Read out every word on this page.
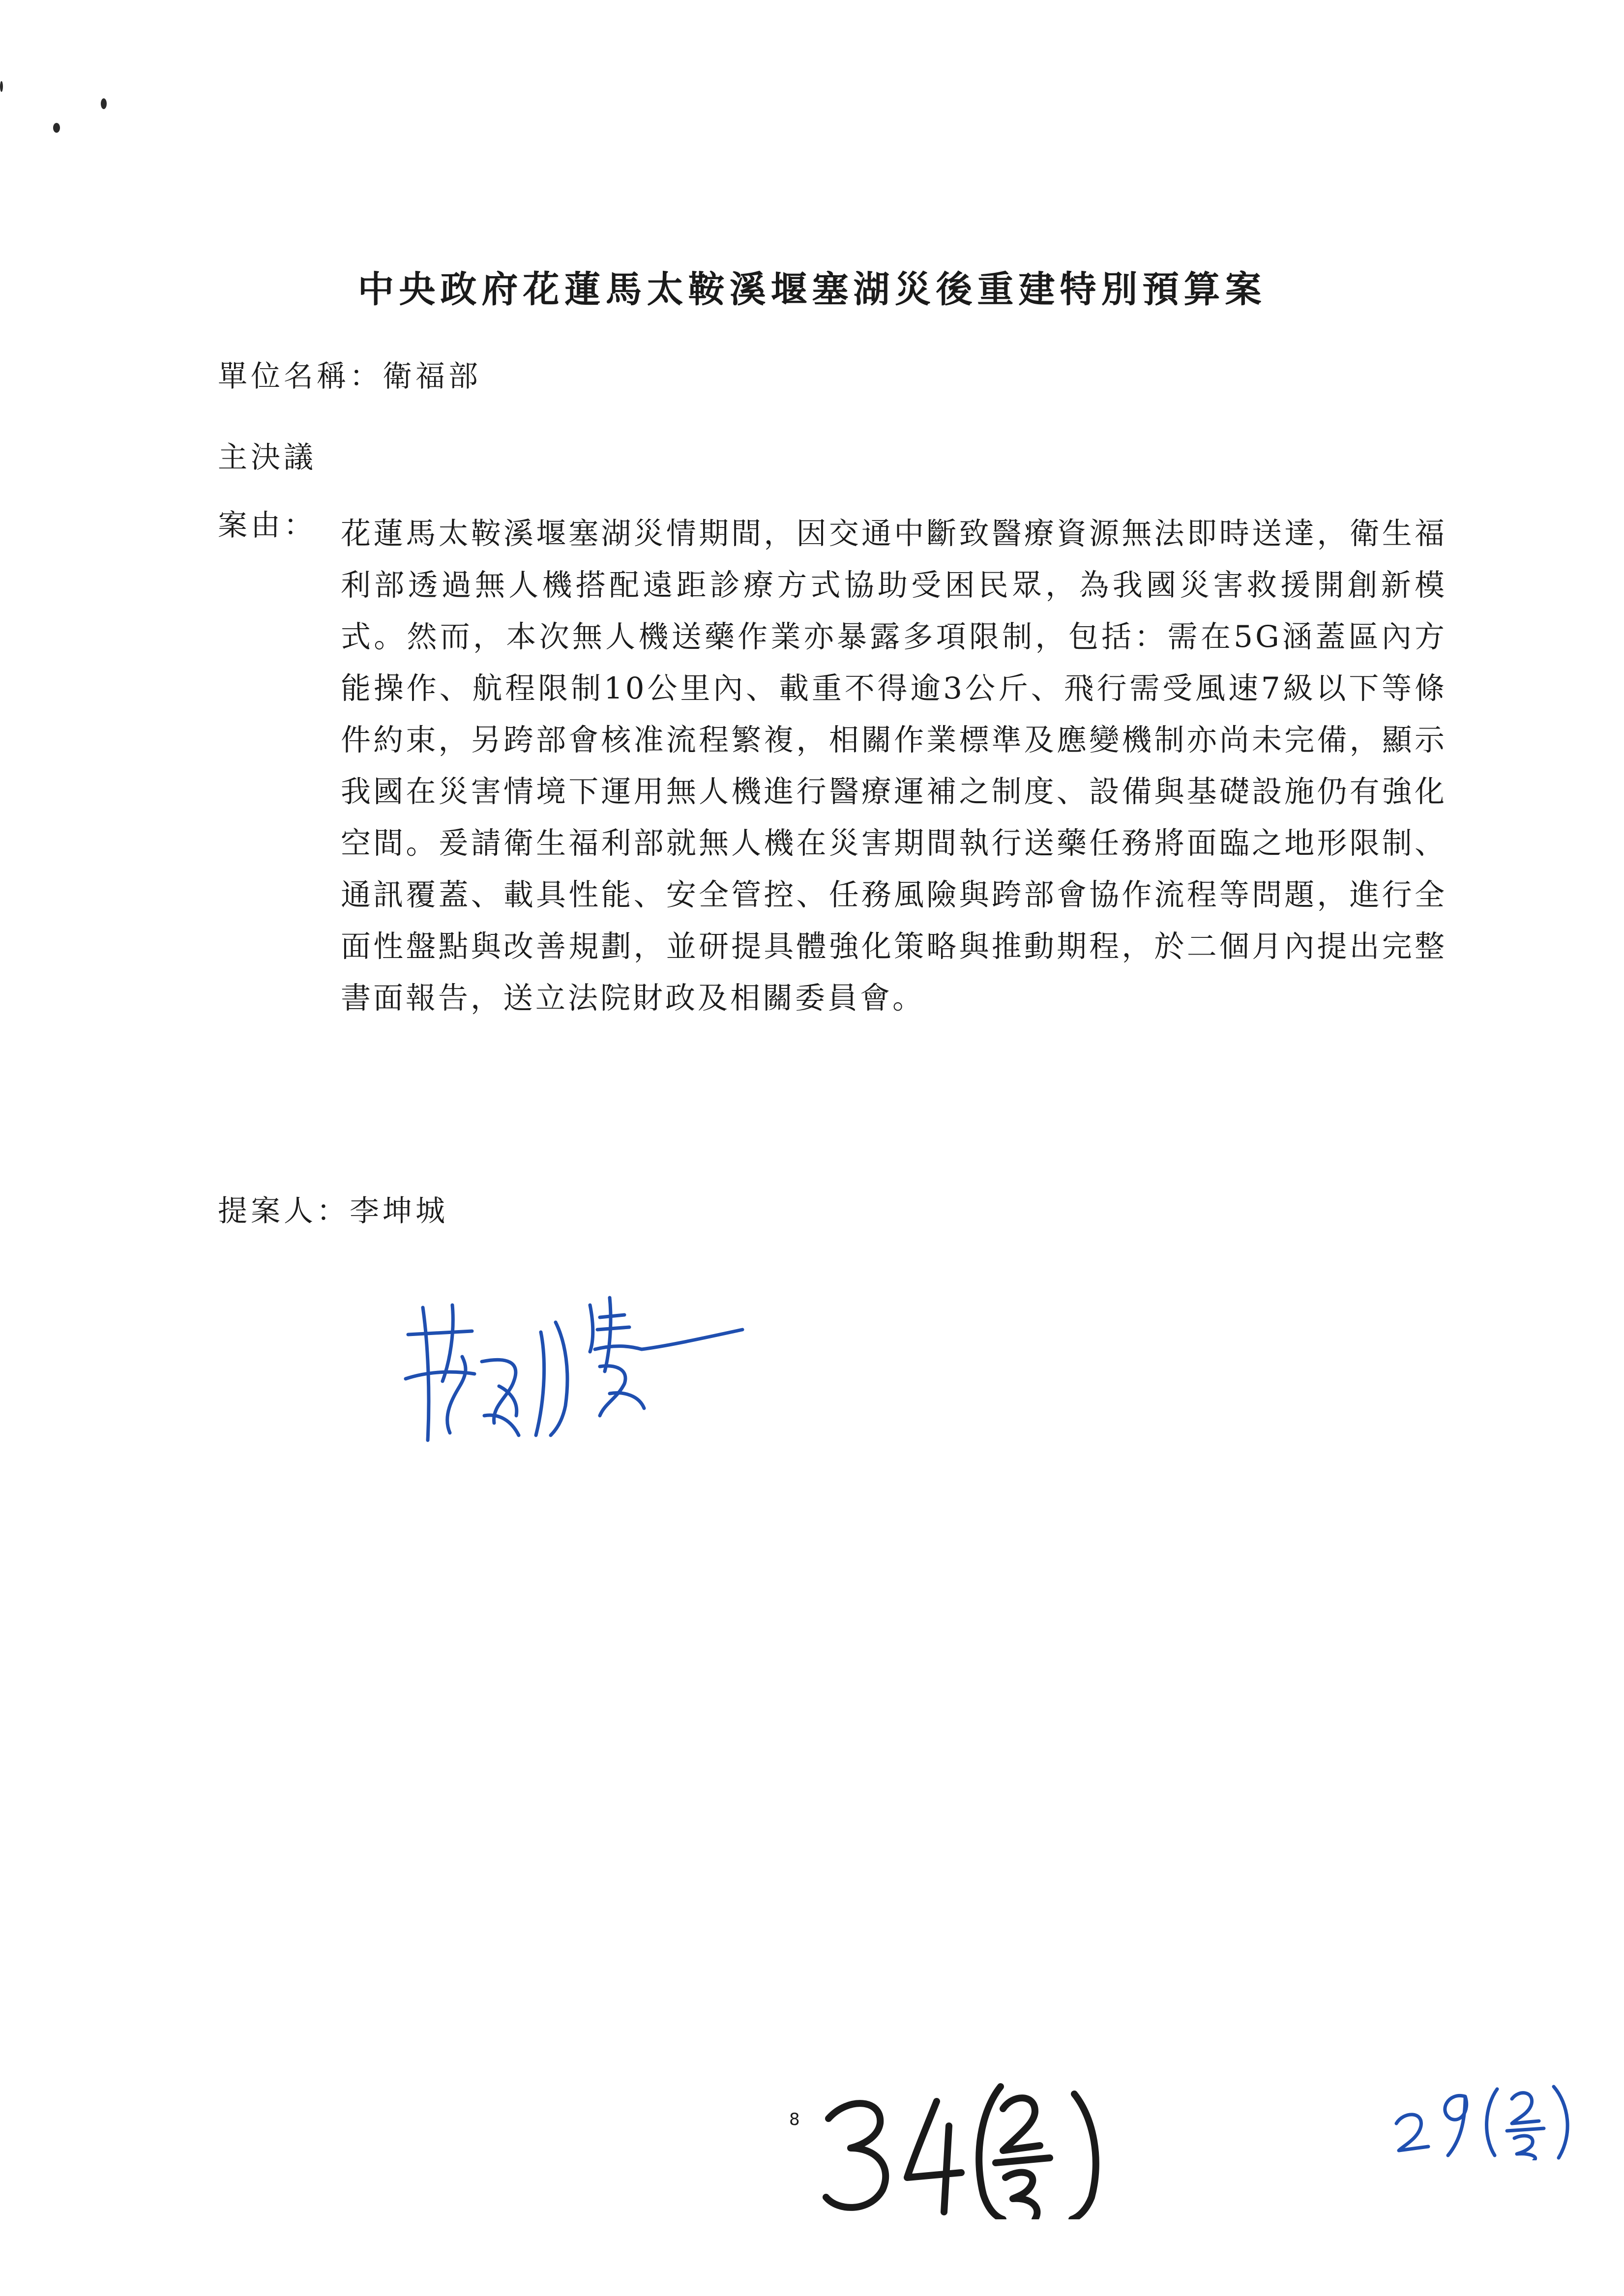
中央政府花蓮馬太鞍溪堰塞湖災後重建特別預算案
單位名稱：衛福部
主決議
案由： 花蓮馬太鞍溪堰塞湖災情期間，因交通中斷致醫療資源無法即時送達，衛生福利部透過無人機搭配遠距診療方式協助受困民眾，為我國災害救援開創新模式。然而，本次無人機送藥作業亦暴露多項限制，包括：需在5G涵蓋區內方能操作、航程限制10公里內、載重不得逾3公斤、飛行需受風速7級以下等條件約束，另跨部會核准流程繁複，相關作業標準及應變機制亦尚未完備，顯示我國在災害情境下運用無人機進行醫療運補之制度、設備與基礎設施仍有強化空間。爰請衛生福利部就無人機在災害期間執行送藥任務將面臨之地形限制、通訊覆蓋、載具性能、安全管控、任務風險與跨部會協作流程等問題，進行全面性盤點與改善規劃，並研提具體強化策略與推動期程，於二個月內提出完整書面報告，送立法院財政及相關委員會。

提案人：李坤城
8
